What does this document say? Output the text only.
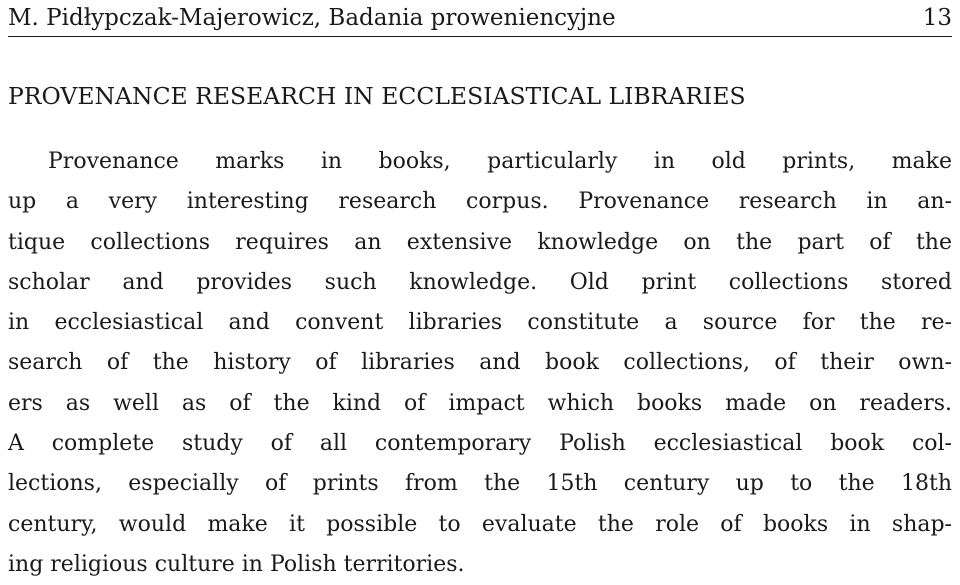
M. Pidłypczak-Majerowicz, Badania proweniencyjne	13
PROVENANCE RESEARCH IN ECCLESIASTICAL LIBRARIES
Provenance marks in books, particularly in old prints, make
up a very interesting research corpus. Provenance research in an-
tique collections requires an extensive knowledge on the part of the
scholar and provides such knowledge. Old print collections stored
in ecclesiastical and convent libraries constitute a source for the re-
search of the history of libraries and book collections, of their own-
ers as well as of the kind of impact which books made on readers.
A complete study of all contemporary Polish ecclesiastical book col-
lections, especially of prints from the 15th century up to the 18th
century, would make it possible to evaluate the role of books in shap-
ing religious culture in Polish territories.
